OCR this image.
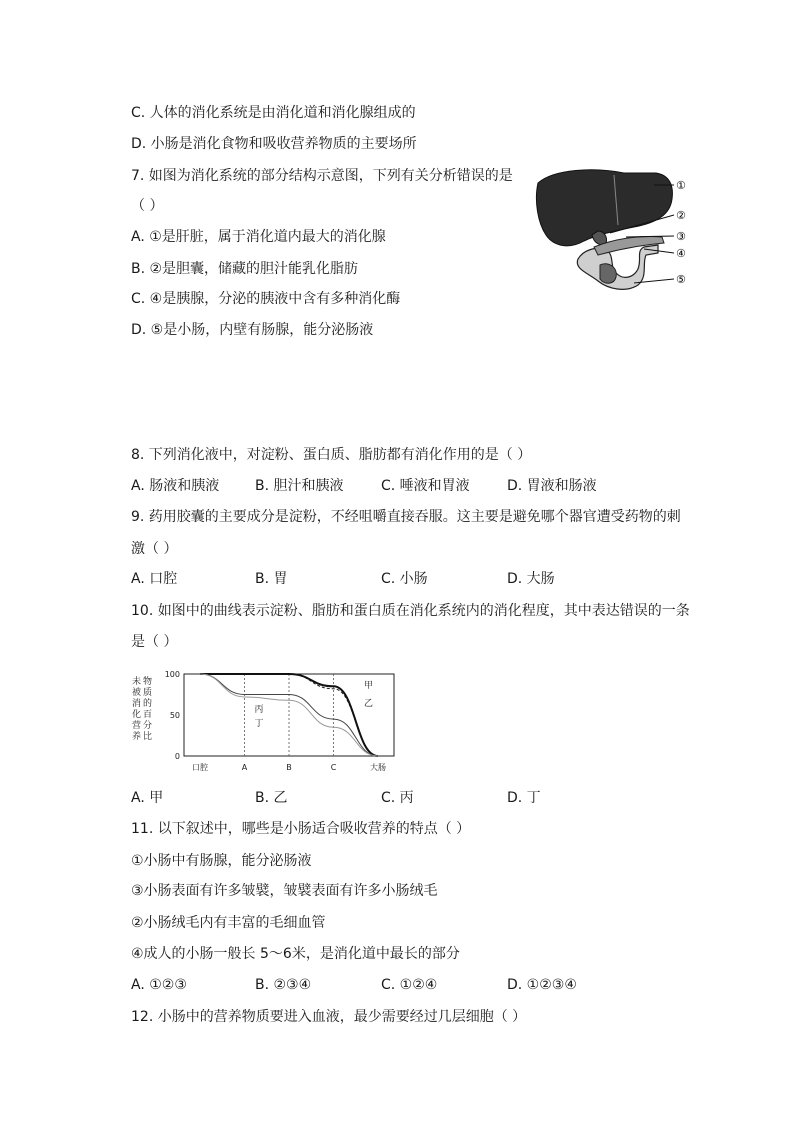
C. 人体的消化系统是由消化道和消化腺组成的
D. 小肠是消化食物和吸收营养物质的主要场所
7. 如图为消化系统的部分结构示意图，下列有关分析错误的是
（ ）
A. ①是肝脏，属于消化道内最大的消化腺
B. ②是胆囊，储藏的胆汁能乳化脂肪
C. ④是胰腺，分泌的胰液中含有多种消化酶
D. ⑤是小肠，内壁有肠腺，能分泌肠液
①
②
③
④
⑤
8. 下列消化液中，对淀粉、蛋白质、脂肪都有消化作用的是（ ）
A. 肠液和胰液	B. 胆汁和胰液	C. 唾液和胃液	D. 胃液和肠液
9. 药用胶囊的主要成分是淀粉，不经咀嚼直接吞服。这主要是避免哪个器官遭受药物的刺
激（ ）
A. 口腔	B. 胃	C. 小肠	D. 大肠
10. 如图中的曲线表示淀粉、脂肪和蛋白质在消化系统内的消化程度，其中表达错误的一条
是（ ）
未
被
消
化
营
养
物
质
的
百
分
比
100
50
0
口腔	A	B	C	大肠
甲
乙
丙
丁
A. 甲	B. 乙	C. 丙	D. 丁
11. 以下叙述中，哪些是小肠适合吸收营养的特点（ ）
①小肠中有肠腺，能分泌肠液
③小肠表面有许多皱襞，皱襞表面有许多小肠绒毛
②小肠绒毛内有丰富的毛细血管
④成人的小肠一般长 5～6米，是消化道中最长的部分
A. ①②③	B. ②③④	C. ①②④	D. ①②③④
12. 小肠中的营养物质要进入血液，最少需要经过几层细胞（ ）
